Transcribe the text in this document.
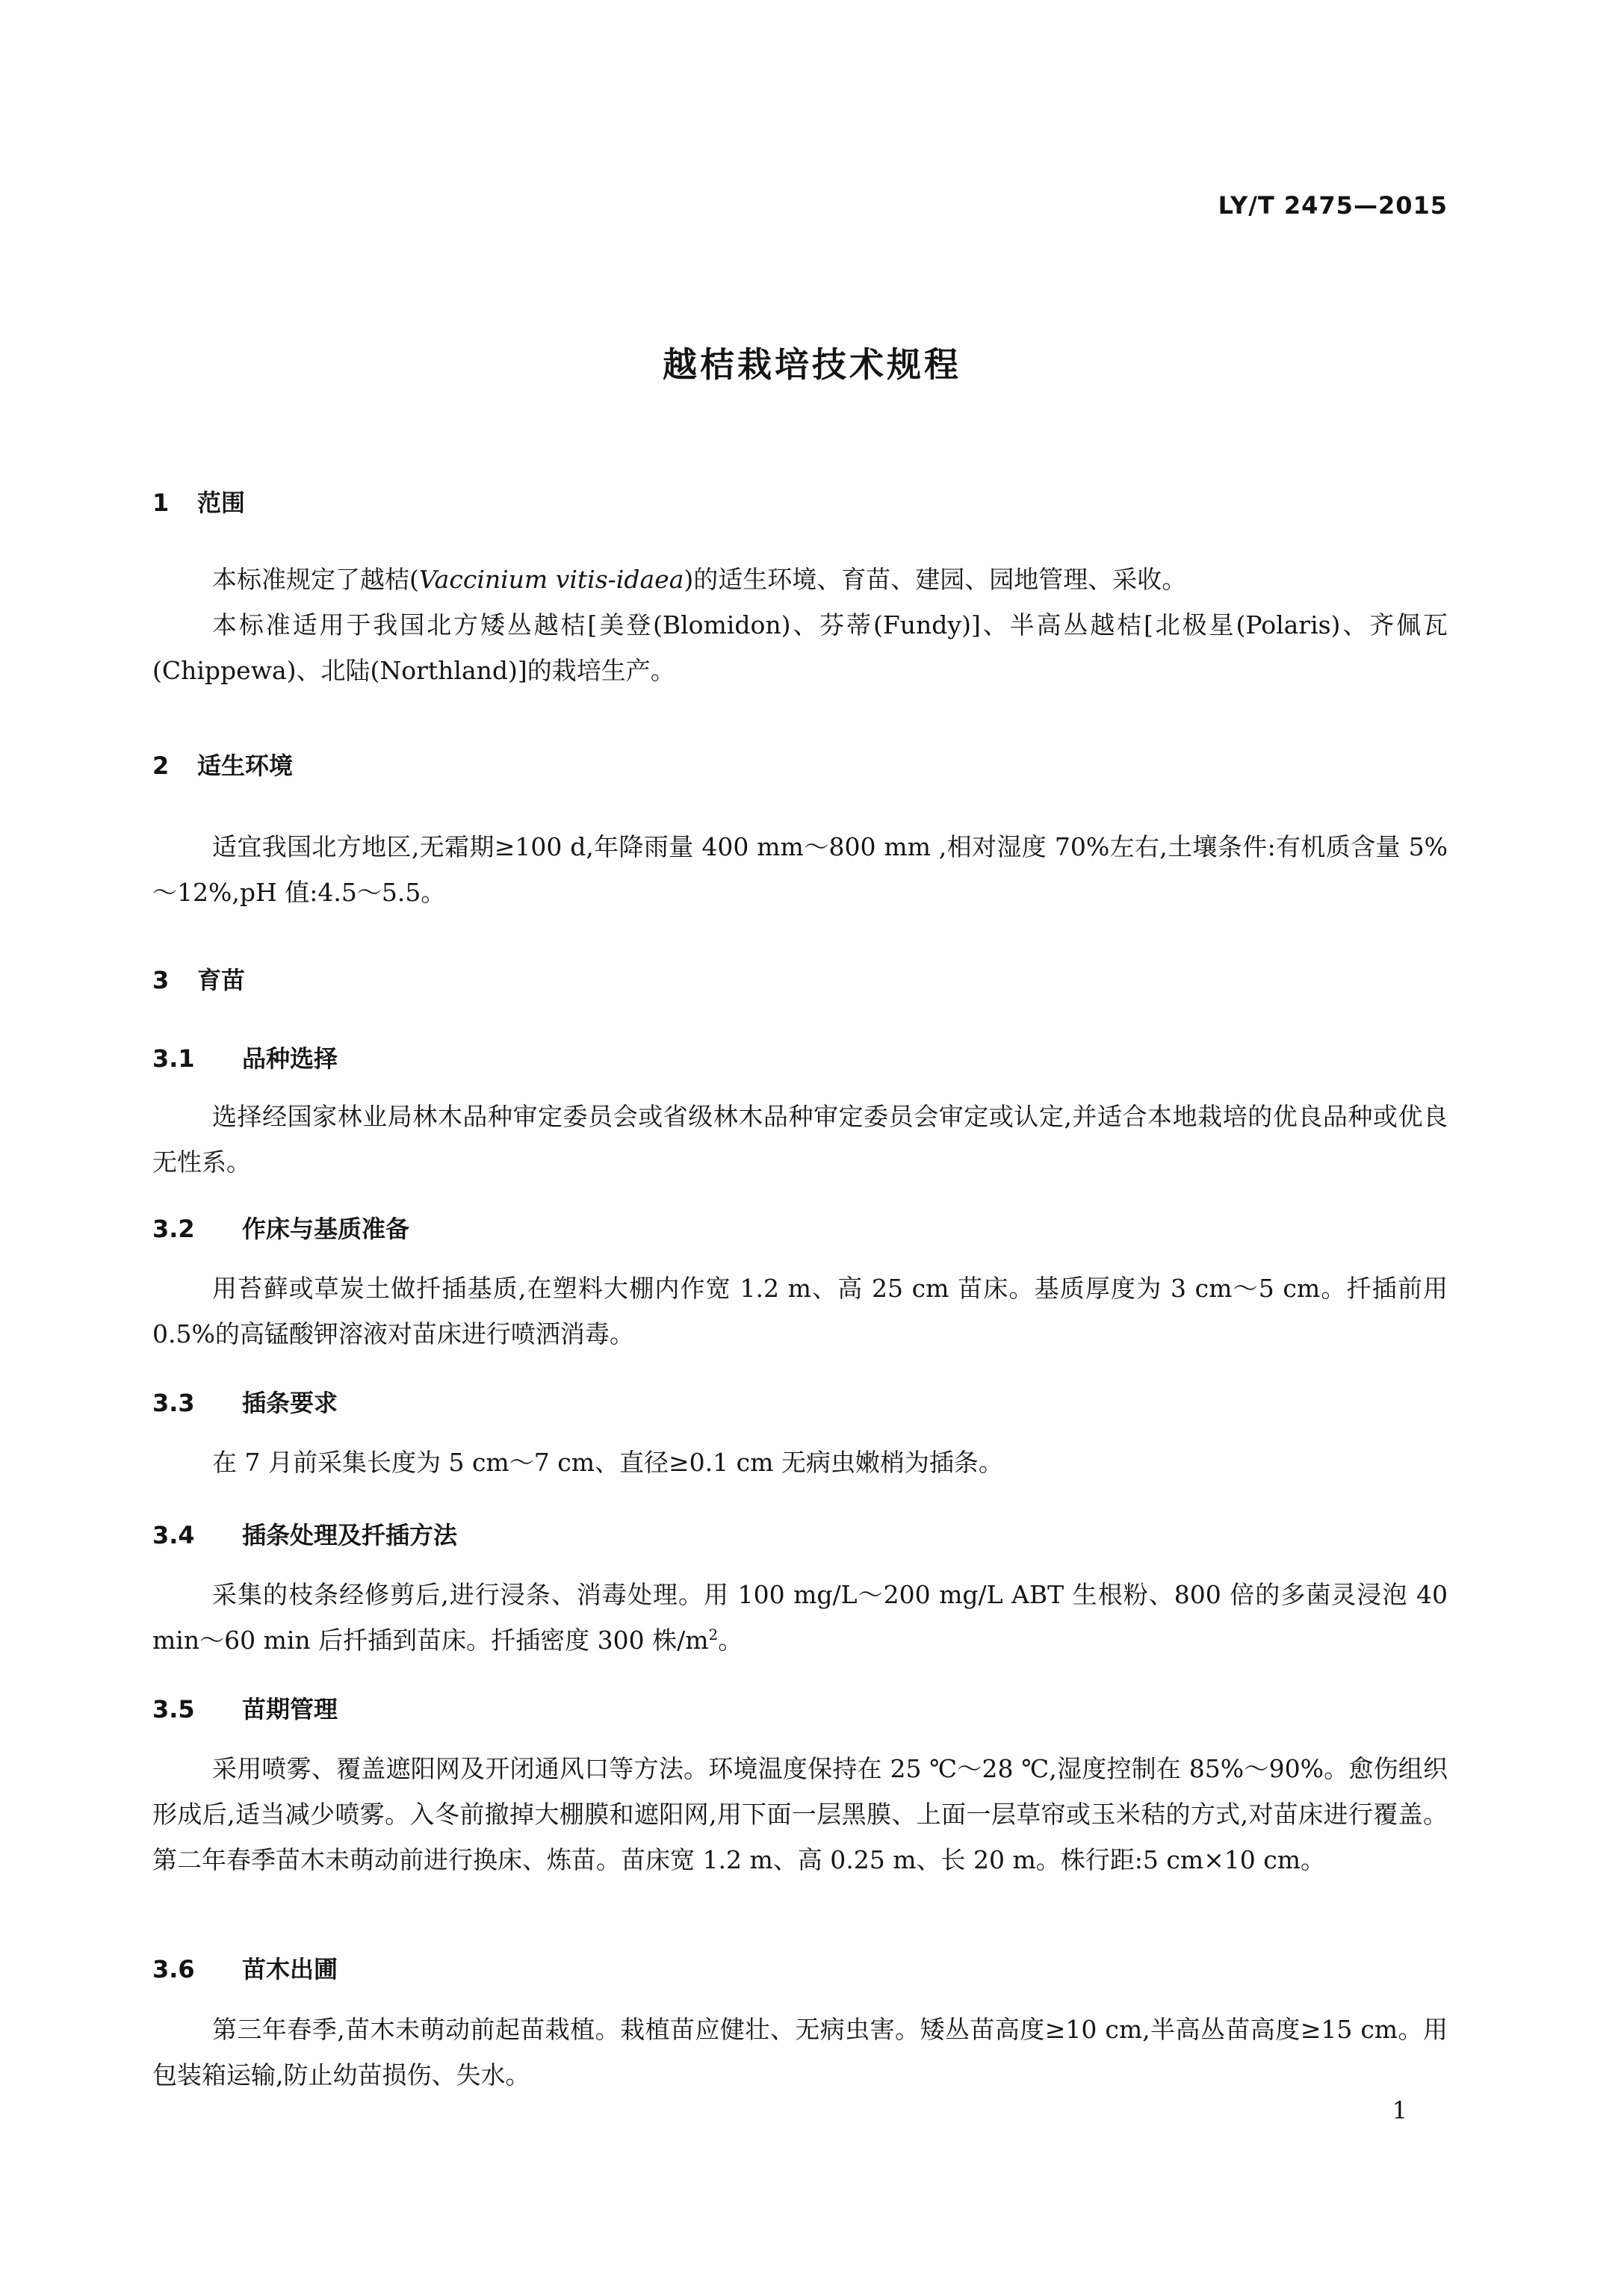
LY/T 2475—2015
越桔栽培技术规程
1 范围

本标准规定了越桔(Vaccinium vitis-idaea)的适生环境、育苗、建园、园地管理、采收。

本标准适用于我国北方矮丛越桔[美登(Blomidon)、芬蒂(Fundy)]、半高丛越桔[北极星(Polaris)、齐佩瓦(Chippewa)、北陆(Northland)]的栽培生产。

2 适生环境

适宜我国北方地区,无霜期≥100 d,年降雨量 400 mm～800 mm ,相对湿度 70%左右,土壤条件:有机质含量 5%～12%,pH 值:4.5～5.5。

3 育苗
3.1 品种选择

选择经国家林业局林木品种审定委员会或省级林木品种审定委员会审定或认定,并适合本地栽培的优良品种或优良无性系。

3.2 作床与基质准备

用苔藓或草炭土做扦插基质,在塑料大棚内作宽 1.2 m、高 25 cm 苗床。基质厚度为 3 cm～5 cm。扦插前用 0.5%的高锰酸钾溶液对苗床进行喷洒消毒。

3.3 插条要求

在 7 月前采集长度为 5 cm～7 cm、直径≥0.1 cm 无病虫嫩梢为插条。

3.4 插条处理及扦插方法

采集的枝条经修剪后,进行浸条、消毒处理。用 100 mg/L～200 mg/L ABT 生根粉、800 倍的多菌灵浸泡 40 min～60 min 后扦插到苗床。扦插密度 300 株$/m^2$。

3.5 苗期管理

采用喷雾、覆盖遮阳网及开闭通风口等方法。环境温度保持在 25 ℃～28 ℃,湿度控制在 85%～90%。愈伤组织形成后,适当减少喷雾。入冬前撤掉大棚膜和遮阳网,用下面一层黑膜、上面一层草帘或玉米秸的方式,对苗床进行覆盖。第二年春季苗木未萌动前进行换床、炼苗。苗床宽 1.2 m、高 0.25 m、长 20 m。株行距:5 cm×10 cm。

3.6 苗木出圃

第三年春季,苗木未萌动前起苗栽植。栽植苗应健壮、无病虫害。矮丛苗高度≥10 cm,半高丛苗高度≥15 cm。用包装箱运输,防止幼苗损伤、失水。

1
